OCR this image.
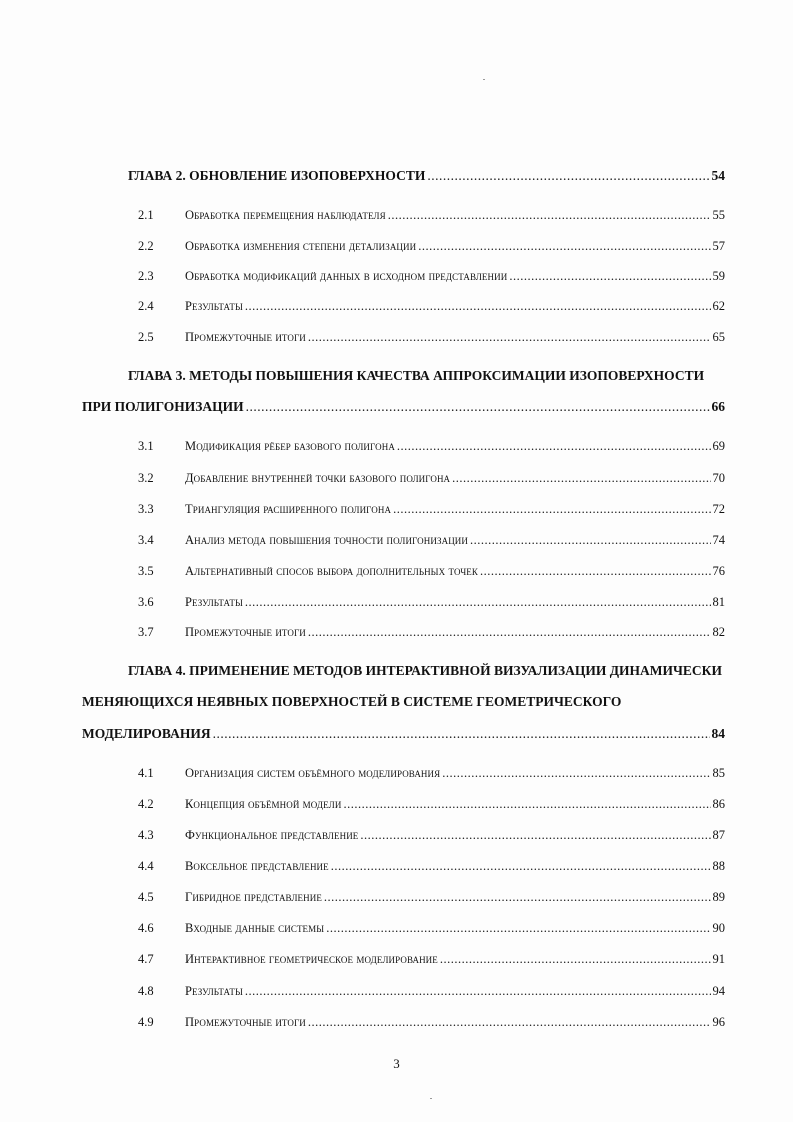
ГЛАВА 2. ОБНОВЛЕНИЕ ИЗОПОВЕРХНОСТИ .....	54
2.1	Обработка перемещения наблюдателя .....	55
2.2	Обработка изменения степени детализации .....	57
2.3	Обработка модификаций данных в исходном представлении .....	59
2.4	Результаты .....	62
2.5	Промежуточные итоги .....	65
ГЛАВА 3. МЕТОДЫ ПОВЫШЕНИЯ КАЧЕСТВА АППРОКСИМАЦИИ ИЗОПОВЕРХНОСТИ
ПРИ ПОЛИГОНИЗАЦИИ .....	66
3.1	Модификация рёбер базового полигона .....	69
3.2	Добавление внутренней точки базового полигона .....	70
3.3	Триангуляция расширенного полигона .....	72
3.4	Анализ метода повышения точности полигонизации .....	74
3.5	Альтернативный способ выбора дополнительных точек .....	76
3.6	Результаты .....	81
3.7	Промежуточные итоги .....	82
ГЛАВА 4. ПРИМЕНЕНИЕ МЕТОДОВ ИНТЕРАКТИВНОЙ ВИЗУАЛИЗАЦИИ ДИНАМИЧЕСКИ
МЕНЯЮЩИХСЯ НЕЯВНЫХ ПОВЕРХНОСТЕЙ В СИСТЕМЕ ГЕОМЕТРИЧЕСКОГО
МОДЕЛИРОВАНИЯ .....	84
4.1	Организация систем объёмного моделирования .....	85
4.2	Концепция объёмной модели .....	86
4.3	Функциональное представление .....	87
4.4	Воксельное представление .....	88
4.5	Гибридное представление .....	89
4.6	Входные данные системы .....	90
4.7	Интерактивное геометрическое моделирование .....	91
4.8	Результаты .....	94
4.9	Промежуточные итоги .....	96
3
